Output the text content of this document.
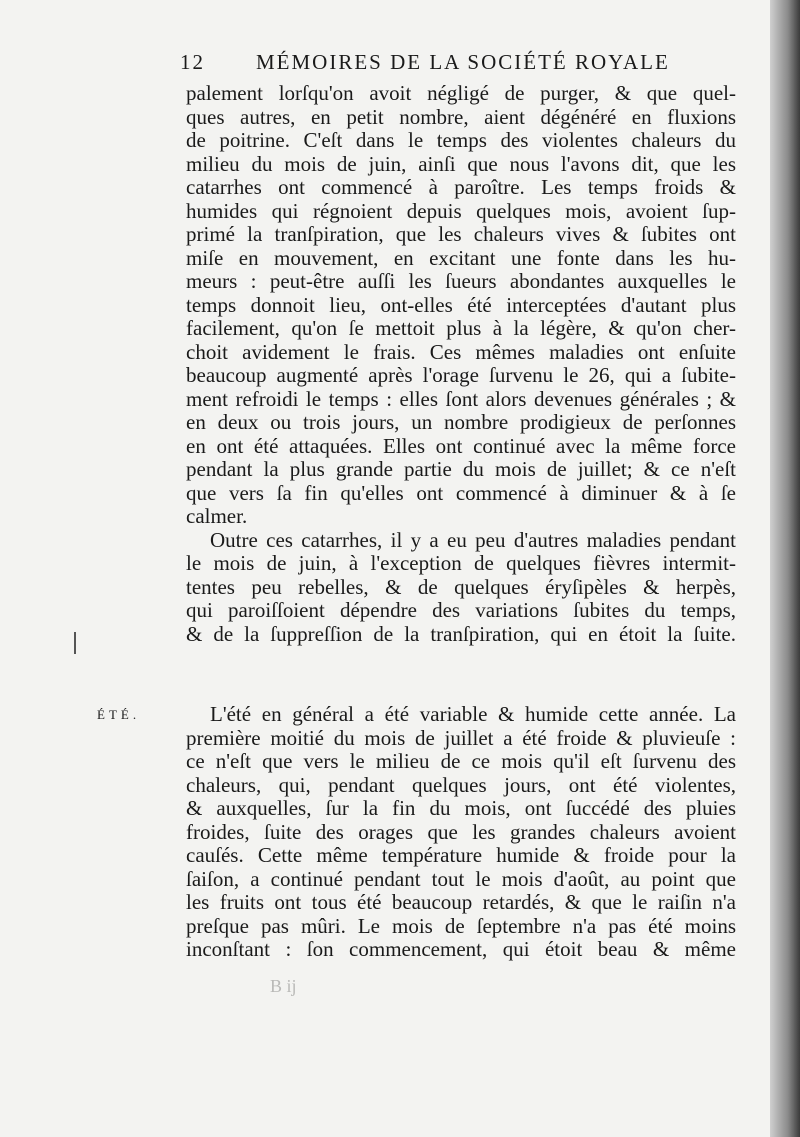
12 MÉMOIRES DE LA SOCIÉTÉ ROYALE
palement lorſqu'on avoit négligé de purger, & que quel-
ques autres, en petit nombre, aient dégénéré en fluxions
de poitrine. C'eſt dans le temps des violentes chaleurs du
milieu du mois de juin, ainſi que nous l'avons dit, que les
catarrhes ont commencé à paroître. Les temps froids &
humides qui régnoient depuis quelques mois, avoient ſup-
primé la tranſpiration, que les chaleurs vives & ſubites ont
miſe en mouvement, en excitant une fonte dans les hu-
meurs : peut-être auſſi les ſueurs abondantes auxquelles le
temps donnoit lieu, ont-elles été interceptées d'autant plus
facilement, qu'on ſe mettoit plus à la légère, & qu'on cher-
choit avidement le frais. Ces mêmes maladies ont enſuite
beaucoup augmenté après l'orage ſurvenu le 26, qui a ſubite-
ment refroidi le temps : elles ſont alors devenues générales ; &
en deux ou trois jours, un nombre prodigieux de perſonnes
en ont été attaquées. Elles ont continué avec la même force
pendant la plus grande partie du mois de juillet; & ce n'eſt
que vers ſa fin qu'elles ont commencé à diminuer & à ſe
calmer.
Outre ces catarrhes, il y a eu peu d'autres maladies pendant
le mois de juin, à l'exception de quelques fièvres intermit-
tentes peu rebelles, & de quelques éryſipèles & herpès,
qui paroiſſoient dépendre des variations ſubites du temps,
& de la ſuppreſſion de la tranſpiration, qui en étoit la ſuite.
ÉTÉ.	L'été en général a été variable & humide cette année. La
première moitié du mois de juillet a été froide & pluvieuſe :
ce n'eſt que vers le milieu de ce mois qu'il eſt ſurvenu des
chaleurs, qui, pendant quelques jours, ont été violentes,
& auxquelles, ſur la fin du mois, ont ſuccédé des pluies
froides, ſuite des orages que les grandes chaleurs avoient
cauſés. Cette même température humide & froide pour la
ſaiſon, a continué pendant tout le mois d'août, au point que
les fruits ont tous été beaucoup retardés, & que le raiſin n'a
preſque pas mûri. Le mois de ſeptembre n'a pas été moins
inconſtant : ſon commencement, qui étoit beau & même
B ij
